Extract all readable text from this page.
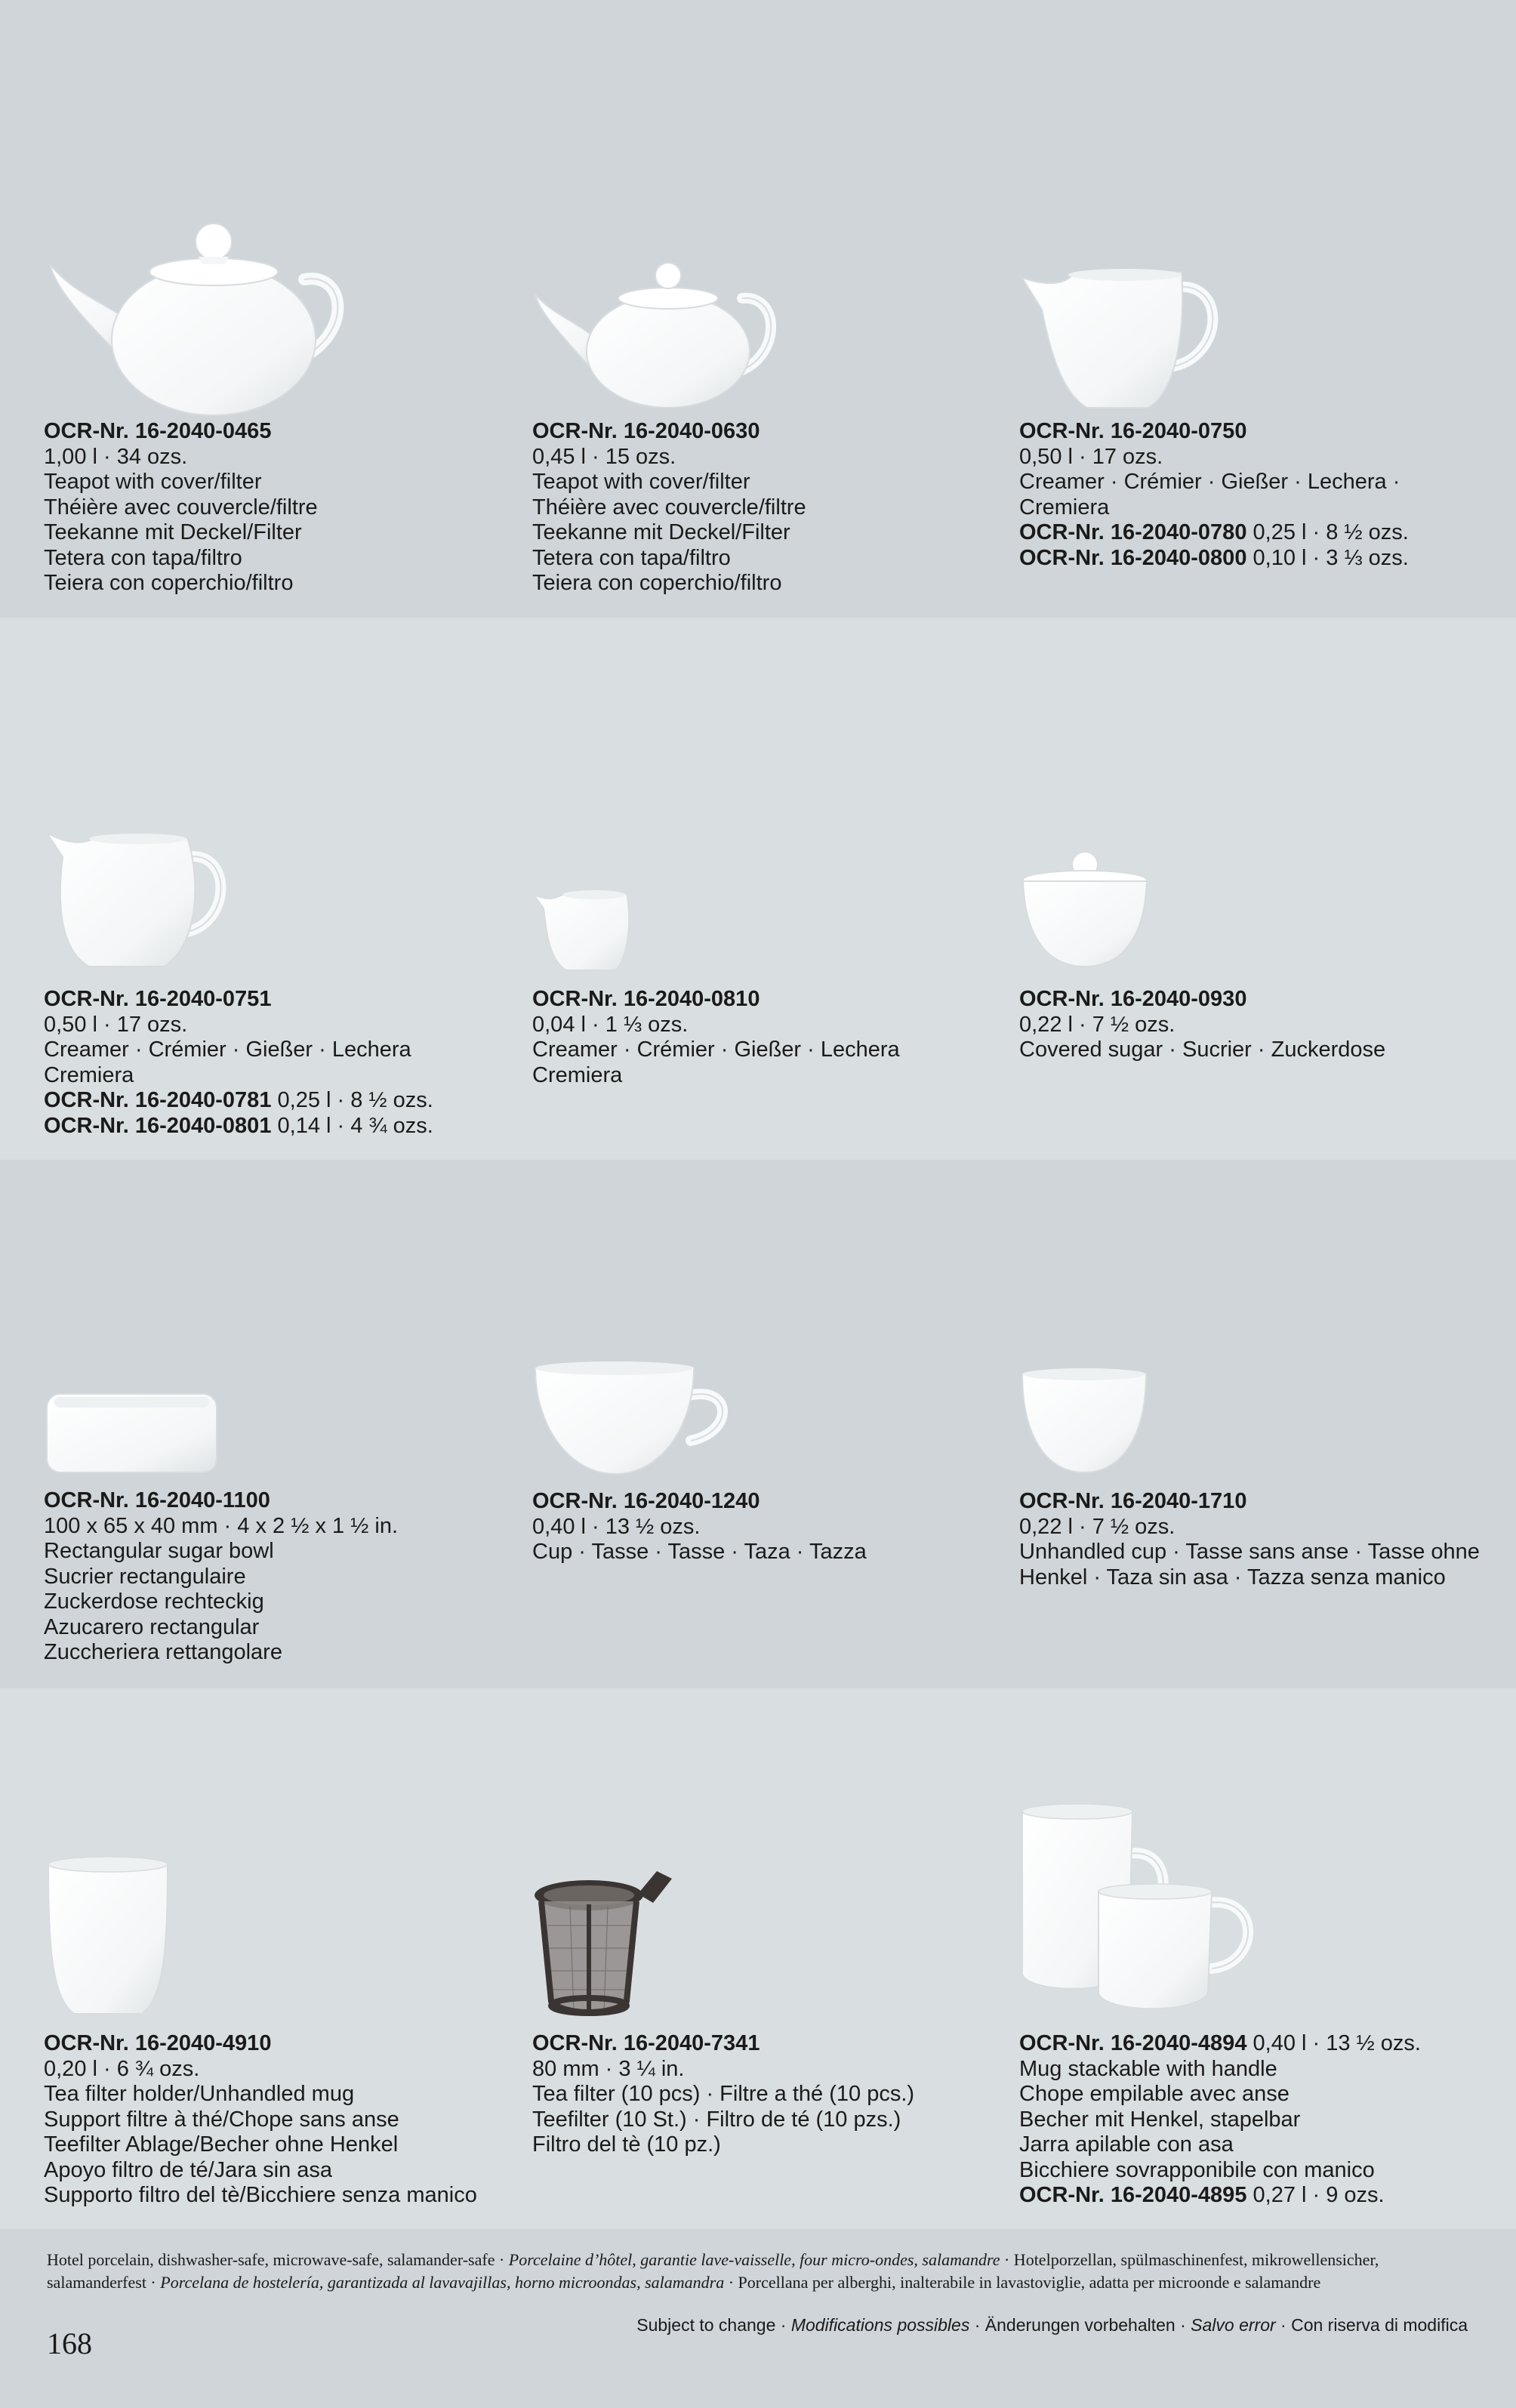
OCR-Nr. 16-2040-0465
1,00 l · 34 ozs.
Teapot with cover/filter
Théière avec couvercle/filtre
Teekanne mit Deckel/Filter
Tetera con tapa/filtro
Teiera con coperchio/filtro
OCR-Nr. 16-2040-0630
0,45 l · 15 ozs.
Teapot with cover/filter
Théière avec couvercle/filtre
Teekanne mit Deckel/Filter
Tetera con tapa/filtro
Teiera con coperchio/filtro
OCR-Nr. 16-2040-0750
0,50 l · 17 ozs.
Creamer · Crémier · Gießer · Lechera ·
Cremiera
OCR-Nr. 16-2040-0780 0,25 l · 8 ½ ozs.
OCR-Nr. 16-2040-0800 0,10 l · 3 ⅓ ozs.
OCR-Nr. 16-2040-0751
0,50 l · 17 ozs.
Creamer · Crémier · Gießer · Lechera
Cremiera
OCR-Nr. 16-2040-0781 0,25 l · 8 ½ ozs.
OCR-Nr. 16-2040-0801 0,14 l · 4 ¾ ozs.
OCR-Nr. 16-2040-0810
0,04 l · 1 ⅓ ozs.
Creamer · Crémier · Gießer · Lechera
Cremiera
OCR-Nr. 16-2040-0930
0,22 l · 7 ½ ozs.
Covered sugar · Sucrier · Zuckerdose
OCR-Nr. 16-2040-1100
100 x 65 x 40 mm · 4 x 2 ½ x 1 ½ in.
Rectangular sugar bowl
Sucrier rectangulaire
Zuckerdose rechteckig
Azucarero rectangular
Zuccheriera rettangolare
OCR-Nr. 16-2040-1240
0,40 l · 13 ½ ozs.
Cup · Tasse · Tasse · Taza · Tazza
OCR-Nr. 16-2040-1710
0,22 l · 7 ½ ozs.
Unhandled cup · Tasse sans anse · Tasse ohne
Henkel · Taza sin asa · Tazza senza manico
OCR-Nr. 16-2040-4910
0,20 l · 6 ¾ ozs.
Tea filter holder/Unhandled mug
Support filtre à thé/Chope sans anse
Teefilter Ablage/Becher ohne Henkel
Apoyo filtro de té/Jara sin asa
Supporto filtro del tè/Bicchiere senza manico
OCR-Nr. 16-2040-7341
80 mm · 3 ¼ in.
Tea filter (10 pcs) · Filtre a thé (10 pcs.)
Teefilter (10 St.) · Filtro de té (10 pzs.)
Filtro del tè (10 pz.)
OCR-Nr. 16-2040-4894 0,40 l · 13 ½ ozs.
Mug stackable with handle
Chope empilable avec anse
Becher mit Henkel, stapelbar
Jarra apilable con asa
Bicchiere sovrapponibile con manico
OCR-Nr. 16-2040-4895 0,27 l · 9 ozs.
Hotel porcelain, dishwasher-safe, microwave-safe, salamander-safe · Porcelaine d’hôtel, garantie lave-vaisselle, four micro-ondes, salamandre · Hotelporzellan, spülmaschinenfest, mikrowellensicher, salamanderfest · Porcelana de hostelería, garantizada al lavavajillas, horno microondas, salamandra · Porcellana per alberghi, inalterabile in lavastoviglie, adatta per microonde e salamandre
168
Subject to change · Modifications possibles · Änderungen vorbehalten · Salvo error · Con riserva di modifica
